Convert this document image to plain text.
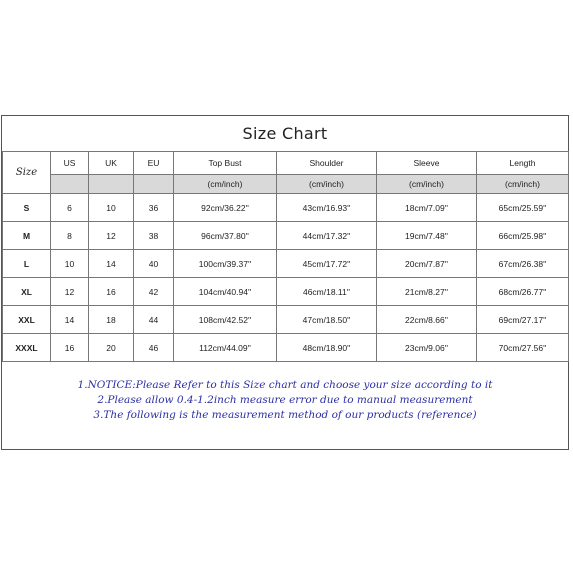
Size Chart
Size	US	UK	EU	Top Bust	Shoulder	Sleeve	Length
				(cm/inch)	(cm/inch)	(cm/inch)	(cm/inch)
S	6	10	36	92cm/36.22''	43cm/16.93''	18cm/7.09''	65cm/25.59''
M	8	12	38	96cm/37.80''	44cm/17.32''	19cm/7.48''	66cm/25.98''
L	10	14	40	100cm/39.37''	45cm/17.72''	20cm/7.87''	67cm/26.38''
XL	12	16	42	104cm/40.94''	46cm/18.11''	21cm/8.27''	68cm/26.77''
XXL	14	18	44	108cm/42.52''	47cm/18.50''	22cm/8.66''	69cm/27.17''
XXXL	16	20	46	112cm/44.09''	48cm/18.90''	23cm/9.06''	70cm/27.56''
1.NOTICE:Please Refer to this Size chart and choose your size according to it
2.Please allow 0.4-1.2inch measure error due to manual measurement
3.The following is the measurement method of our products (reference)
